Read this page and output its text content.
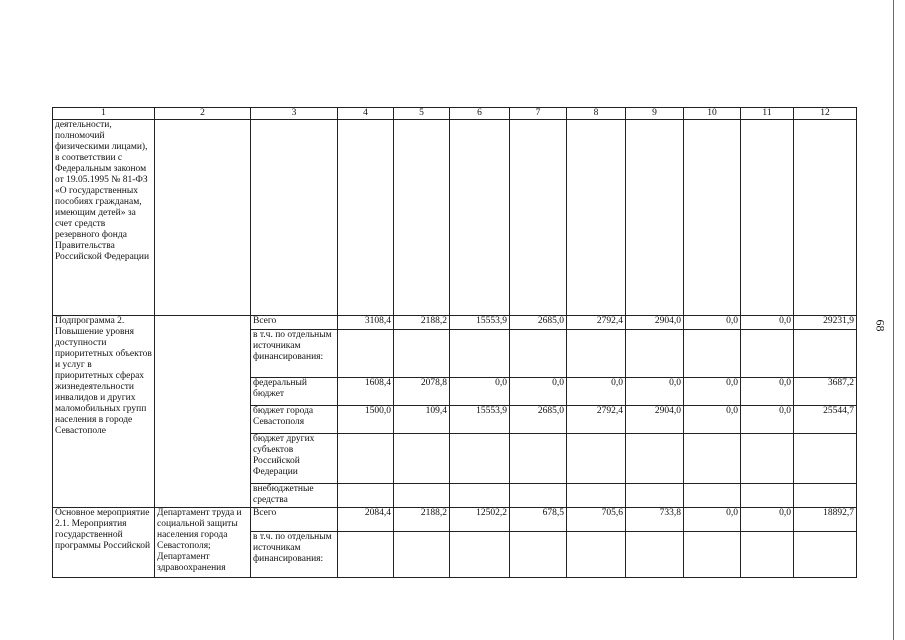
68
1	2	3	4	5	6	7	8	9	10	11	12
деятельности, полномочий физическими лицами), в соответствии с Федеральным законом от 19.05.1995 № 81-ФЗ «О государственных пособиях гражданам, имеющим детей» за счет средств резервного фонда Правительства Российской Федерации											
Подпрограмма 2. Повышение уровня доступности приоритетных объектов и услуг в приоритетных сферах жизнедеятельности инвалидов и других маломобильных групп населения в городе Севастополе		Всего	3108,4	2188,2	15553,9	2685,0	2792,4	2904,0	0,0	0,0	29231,9
		в т.ч. по отдельным источникам финансирования:									
		федеральный бюджет	1608,4	2078,8	0,0	0,0	0,0	0,0	0,0	0,0	3687,2
		бюджет города Севастополя	1500,0	109,4	15553,9	2685,0	2792,4	2904,0	0,0	0,0	25544,7
		бюджет других субъектов Российской Федерации									
		внебюджетные средства									
Основное мероприятие 2.1. Мероприятия государственной программы Российской	Департамент труда и социальной защиты населения города Севастополя; Департамент здравоохранения	Всего	2084,4	2188,2	12502,2	678,5	705,6	733,8	0,0	0,0	18892,7
		в т.ч. по отдельным источникам финансирования:									
